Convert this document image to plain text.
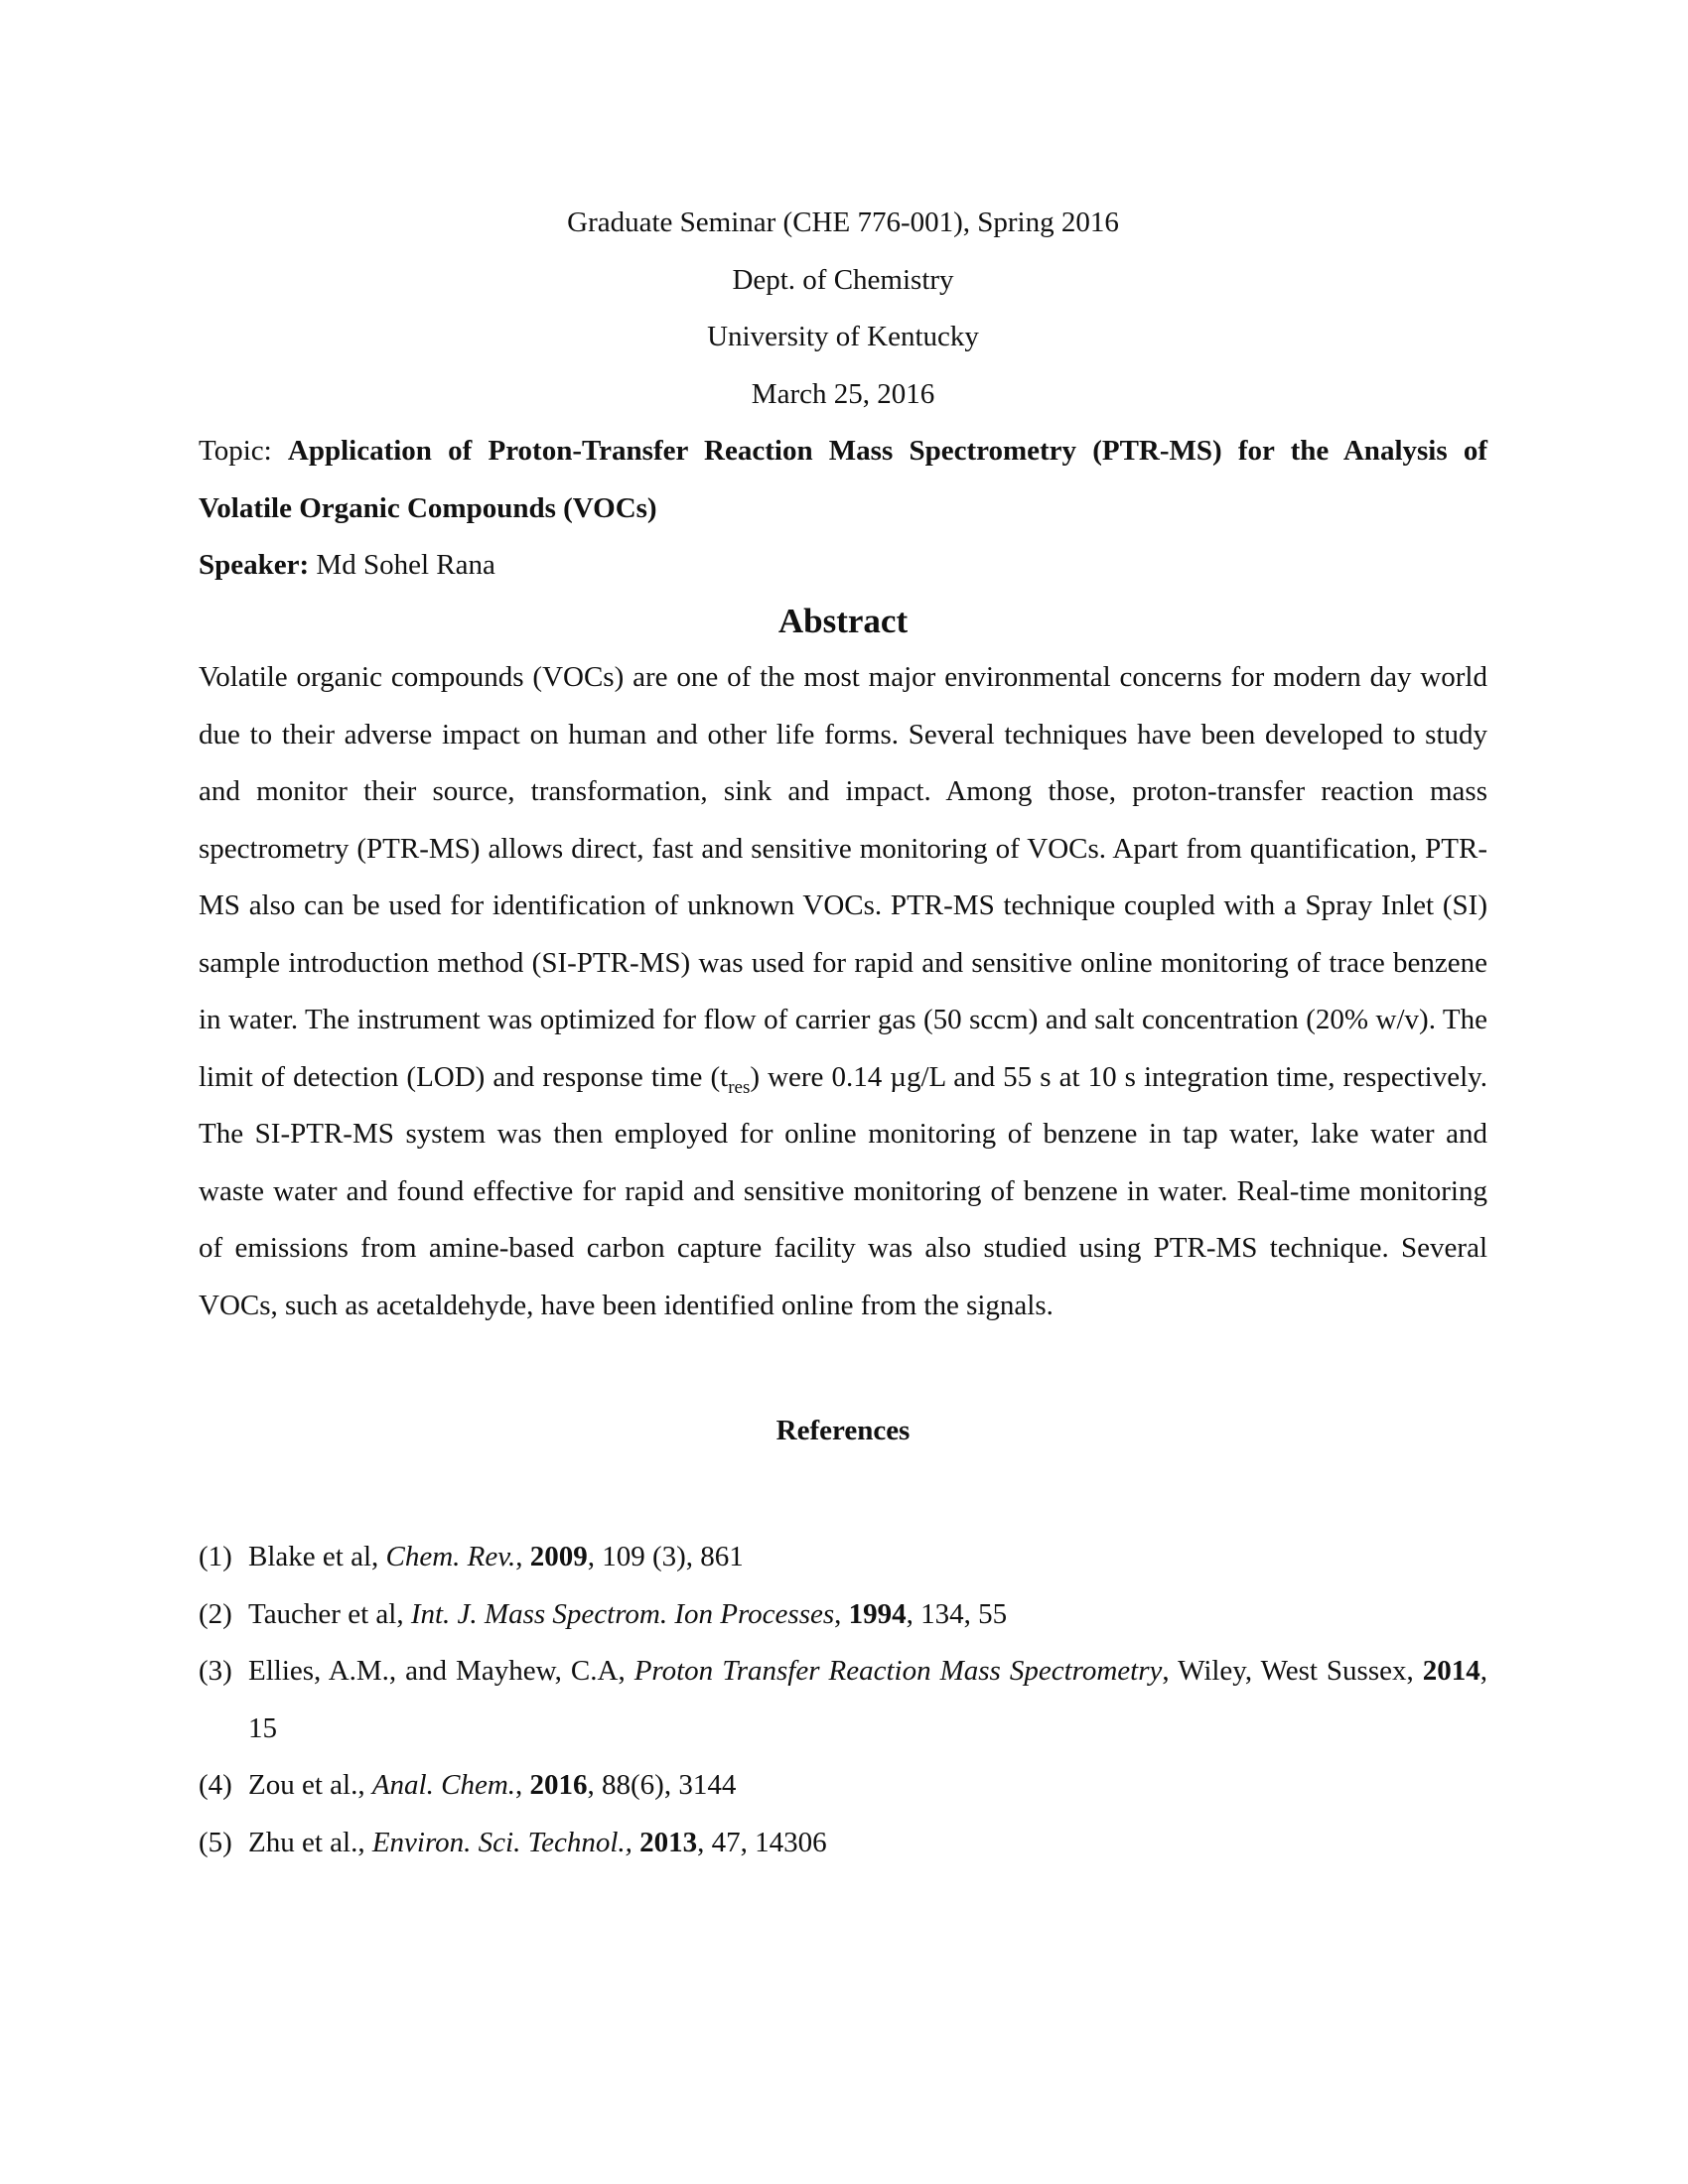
Graduate Seminar (CHE 776-001), Spring 2016
Dept. of Chemistry
University of Kentucky
March 25, 2016
Topic: Application of Proton-Transfer Reaction Mass Spectrometry (PTR-MS) for the Analysis of Volatile Organic Compounds (VOCs)
Speaker: Md Sohel Rana
Abstract
Volatile organic compounds (VOCs) are one of the most major environmental concerns for modern day world due to their adverse impact on human and other life forms. Several techniques have been developed to study and monitor their source, transformation, sink and impact. Among those, proton-transfer reaction mass spectrometry (PTR-MS) allows direct, fast and sensitive monitoring of VOCs. Apart from quantification, PTR-MS also can be used for identification of unknown VOCs. PTR-MS technique coupled with a Spray Inlet (SI) sample introduction method (SI-PTR-MS) was used for rapid and sensitive online monitoring of trace benzene in water. The instrument was optimized for flow of carrier gas (50 sccm) and salt concentration (20% w/v). The limit of detection (LOD) and response time $(t_{res})$ were 0.14 µg/L and 55 s at 10 s integration time, respectively. The SI-PTR-MS system was then employed for online monitoring of benzene in tap water, lake water and waste water and found effective for rapid and sensitive monitoring of benzene in water. Real-time monitoring of emissions from amine-based carbon capture facility was also studied using PTR-MS technique. Several VOCs, such as acetaldehyde, have been identified online from the signals.
References
(1) Blake et al, Chem. Rev., 2009, 109 (3), 861
(2) Taucher et al, Int. J. Mass Spectrom. Ion Processes, 1994, 134, 55
(3) Ellies, A.M., and Mayhew, C.A, Proton Transfer Reaction Mass Spectrometry, Wiley, West Sussex, 2014, 15
(4) Zou et al., Anal. Chem., 2016, 88(6), 3144
(5) Zhu et al., Environ. Sci. Technol., 2013, 47, 14306
